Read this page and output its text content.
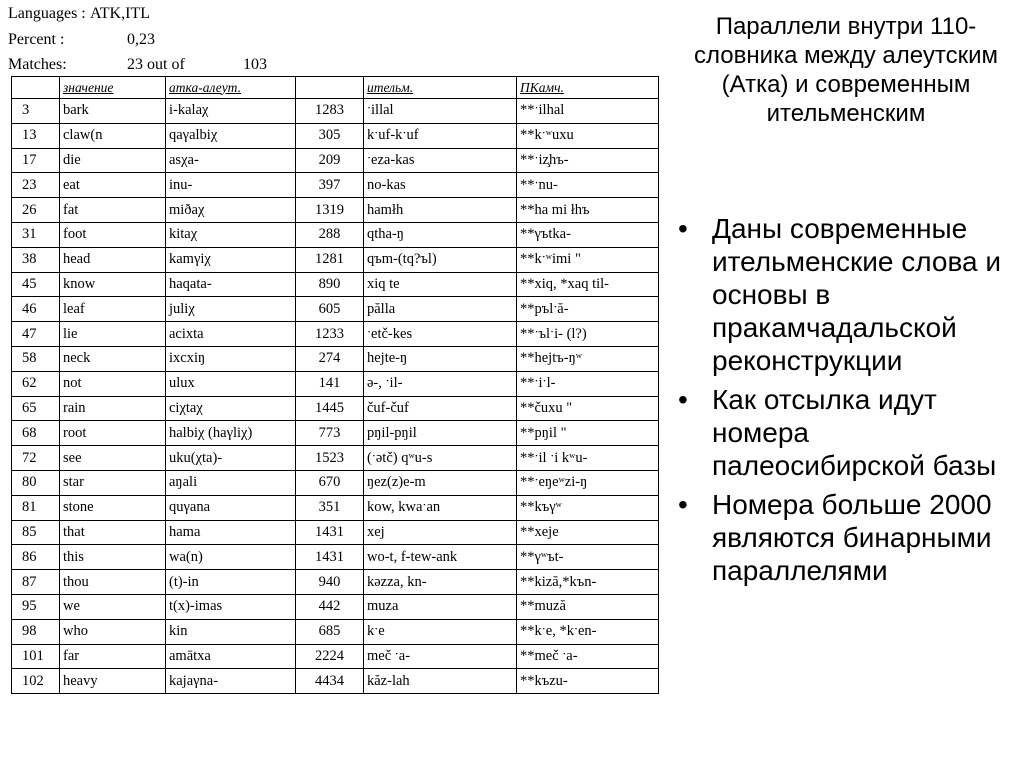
Languages : ATK,ITL
Percent :	0,23
Matches:	23 out of	103
	значение	атка-алеут.		ительм.	ПКамч.
3	bark	i-kalaχ	1283	ˑillal	**ˑilhal
13	claw(n	qaγalbiχ	305	kˑuf-kˑuf	**kˑʷuxu
17	die	asχa-	209	ˑeza-kas	**ˑiz̧hъ-
23	eat	inu-	397	no-kas	**ˑnu-
26	fat	miðaχ	1319	hamłh	**ha mi łhъ
31	foot	kitaχ	288	qtha-ŋ	**γъtka-
38	head	kamγiχ	1281	qъm-(tq?ъl)	**kˑʷimi "
45	know	haqata-	890	xiq te	**xiq, *xaq til-
46	leaf	juliχ	605	pălla	**pъlˑă-
47	lie	acixta	1233	ˑetč-kes	**ˑъlˑi- (l?)
58	neck	ixcxiŋ	274	hejte-ŋ	**hejtъ-ŋʷ
62	not	ulux	141	ə-, ˑil-	**ˑiˑl-
65	rain	ciχtaχ	1445	čuf-čuf	**čuxu "
68	root	halbiχ (haγliχ)	773	pŋil-pŋil	**pŋil "
72	see	uku(χta)-	1523	(ˑətč) qʷu-s	**ˑil ˑi kʷu-
80	star	aŋali	670	ŋez(z)e-m	**ˑeŋeʷzi-ŋ
81	stone	quγana	351	kow, kwaˑan	**kъγʷ
85	that	hama	1431	xej	**xeje
86	this	wa(n)	1431	wo-t, f-tew-ank	**γʷъt-
87	thou	(t)-in	940	kəzza, kn-	**kiză,*kъn-
95	we	t(x)-imas	442	muza	**muză
98	who	kin	685	kˑe	**kˑe, *kˑen-
101	far	amātxa	2224	meč ˑa-	**meč ˑa-
102	heavy	kajaγna-	4434	kăz-lah	**kъzu-
Параллели внутри 110-словника между алеутским (Атка) и современным ительменским
• Даны современные ительменские слова и основы в пракамчадальской реконструкции
• Как отсылка идут номера палеосибирской базы
• Номера больше 2000 являются бинарными параллелями
